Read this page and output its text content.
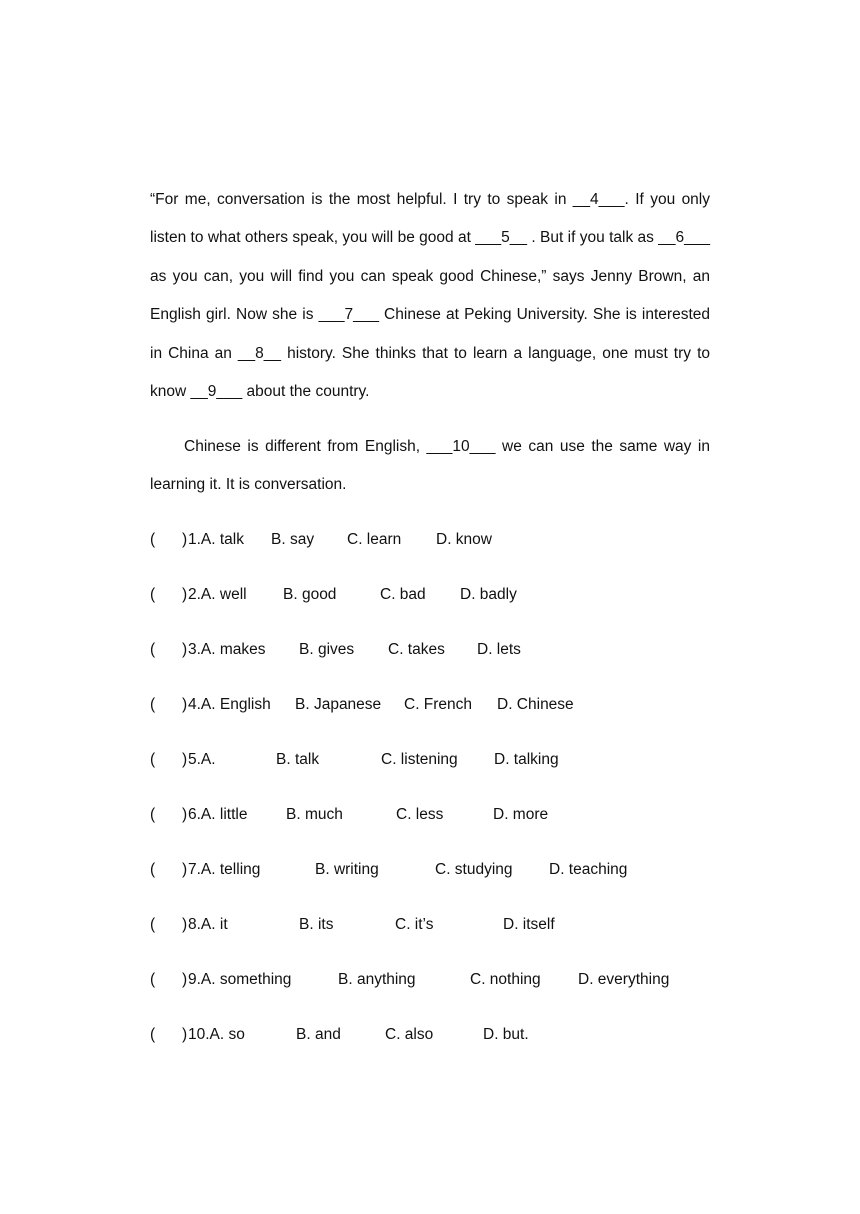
“For me, conversation is the most helpful. I try to speak in __4___. If you only listen to what others speak, you will be good at ___5__ . But if you talk as __6___ as you can, you will find you can speak good Chinese,” says Jenny Brown, an English girl. Now she is ___7___ Chinese at Peking University. She is interested in China an __8__ history. She thinks that to learn a language, one must try to know __9___ about the country.

Chinese is different from English, ___10___ we can use the same way in learning it. It is conversation.

( ) 1.A. talk B. say C. learn D. know
( ) 2.A. well B. good	C. bad D. badly
( ) 3.A. makes B. gives C. takes D. lets
( ) 4.A. English B. Japanese C. French D. Chinese
( ) 5.A.	B. talk	C. listening D. talking
( ) 6.A. little B. much	C. less	D. more
( ) 7.A. telling	B. writing	C. studying D. teaching
( ) 8.A. it	B. its	C. it’s	D. itself
( ) 9.A. something	B. anything	C. nothing D. everything
( ) 10.A. so	B. and	C. also	D. but.
